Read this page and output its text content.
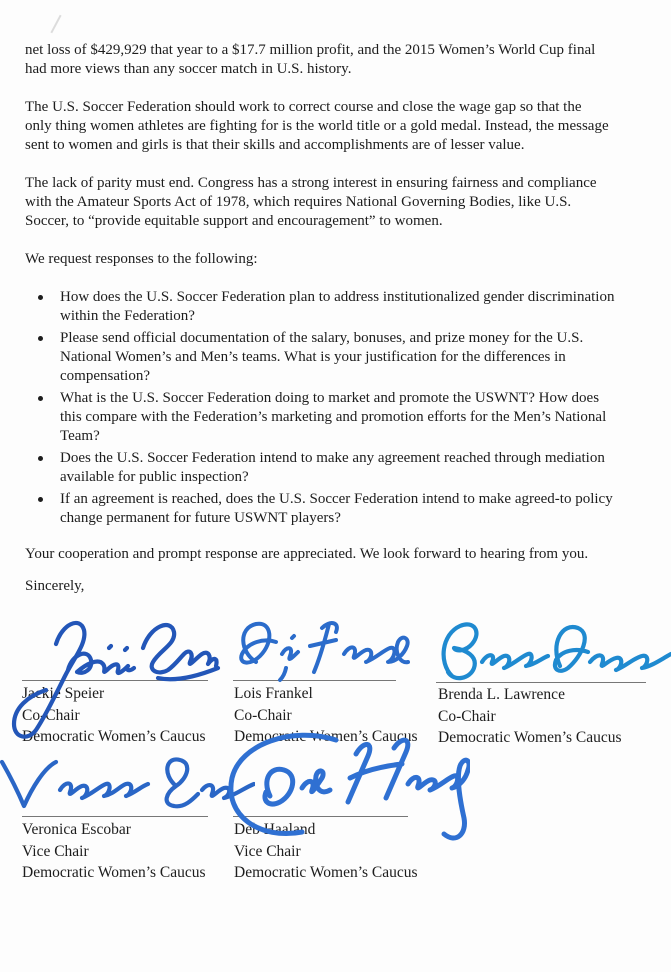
net loss of $429,929 that year to a $17.7 million profit, and the 2015 Women’s World Cup final
had more views than any soccer match in U.S. history.
The U.S. Soccer Federation should work to correct course and close the wage gap so that the
only thing women athletes are fighting for is the world title or a gold medal. Instead, the message
sent to women and girls is that their skills and accomplishments are of lesser value.
The lack of parity must end. Congress has a strong interest in ensuring fairness and compliance
with the Amateur Sports Act of 1978, which requires National Governing Bodies, like U.S.
Soccer, to “provide equitable support and encouragement” to women.
We request responses to the following:
How does the U.S. Soccer Federation plan to address institutionalized gender discrimination
within the Federation?
Please send official documentation of the salary, bonuses, and prize money for the U.S.
National Women’s and Men’s teams. What is your justification for the differences in
compensation?
What is the U.S. Soccer Federation doing to market and promote the USWNT? How does
this compare with the Federation’s marketing and promotion efforts for the Men’s National
Team?
Does the U.S. Soccer Federation intend to make any agreement reached through mediation
available for public inspection?
If an agreement is reached, does the U.S. Soccer Federation intend to make agreed-to policy
change permanent for future USWNT players?
Your cooperation and prompt response are appreciated. We look forward to hearing from you.
Sincerely,
Jackie Speier
Co-Chair
Democratic Women’s Caucus
Lois Frankel
Co-Chair
Democratic Women’s Caucus
Brenda L. Lawrence
Co-Chair
Democratic Women’s Caucus
Veronica Escobar
Vice Chair
Democratic Women’s Caucus
Deb Haaland
Vice Chair
Democratic Women’s Caucus
